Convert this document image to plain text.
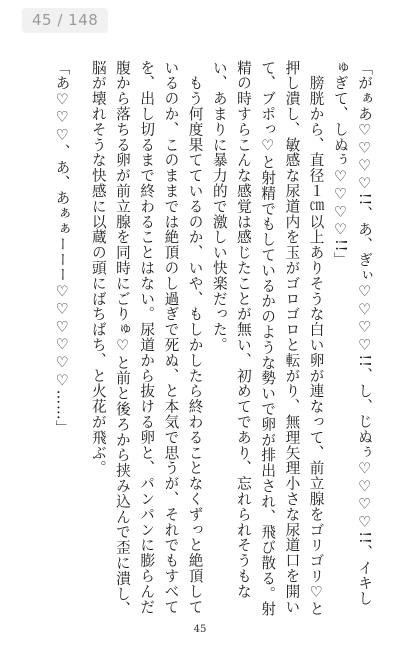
45 / 148

「がぁあ♡♡♡♡!!、あ、ぎぃ♡♡♡♡!!、し、じぬぅ♡♡♡♡!!、イキしゅぎて、しぬぅ♡♡♡♡!!」

　膀胱から、直径１㎝以上ありそうな白い卵が連なって、前立腺をゴリゴリ♡と押し潰し、敏感な尿道内を玉がゴロゴロと転がり、無理矢理小さな尿道口を開いて、ブポっ♡と射精でもしているかのような勢いで卵が排出され、飛び散る。射精の時すらこんな感覚は感じたことが無い、初めてであり、忘れられそうもない、あまりに暴力的で激しい快楽だった。

　もう何度果てているのか、いや、もしかしたら終わることなくずっと絶頂しているのか、このままでは絶頂のし過ぎで死ぬ、と本気で思うが、それでもすべてを、出し切るまで終わることはない。尿道から抜ける卵と、パンパンに膨らんだ腹から落ちる卵が前立腺を同時にごりゅ♡と前と後ろから挟み込んで歪に潰し、脳が壊れそうな快感に以蔵の頭にばちばち、と火花が飛ぶ。

「あ♡♡♡、あ、あぁぁーーー♡♡♡♡♡♡……」

45
